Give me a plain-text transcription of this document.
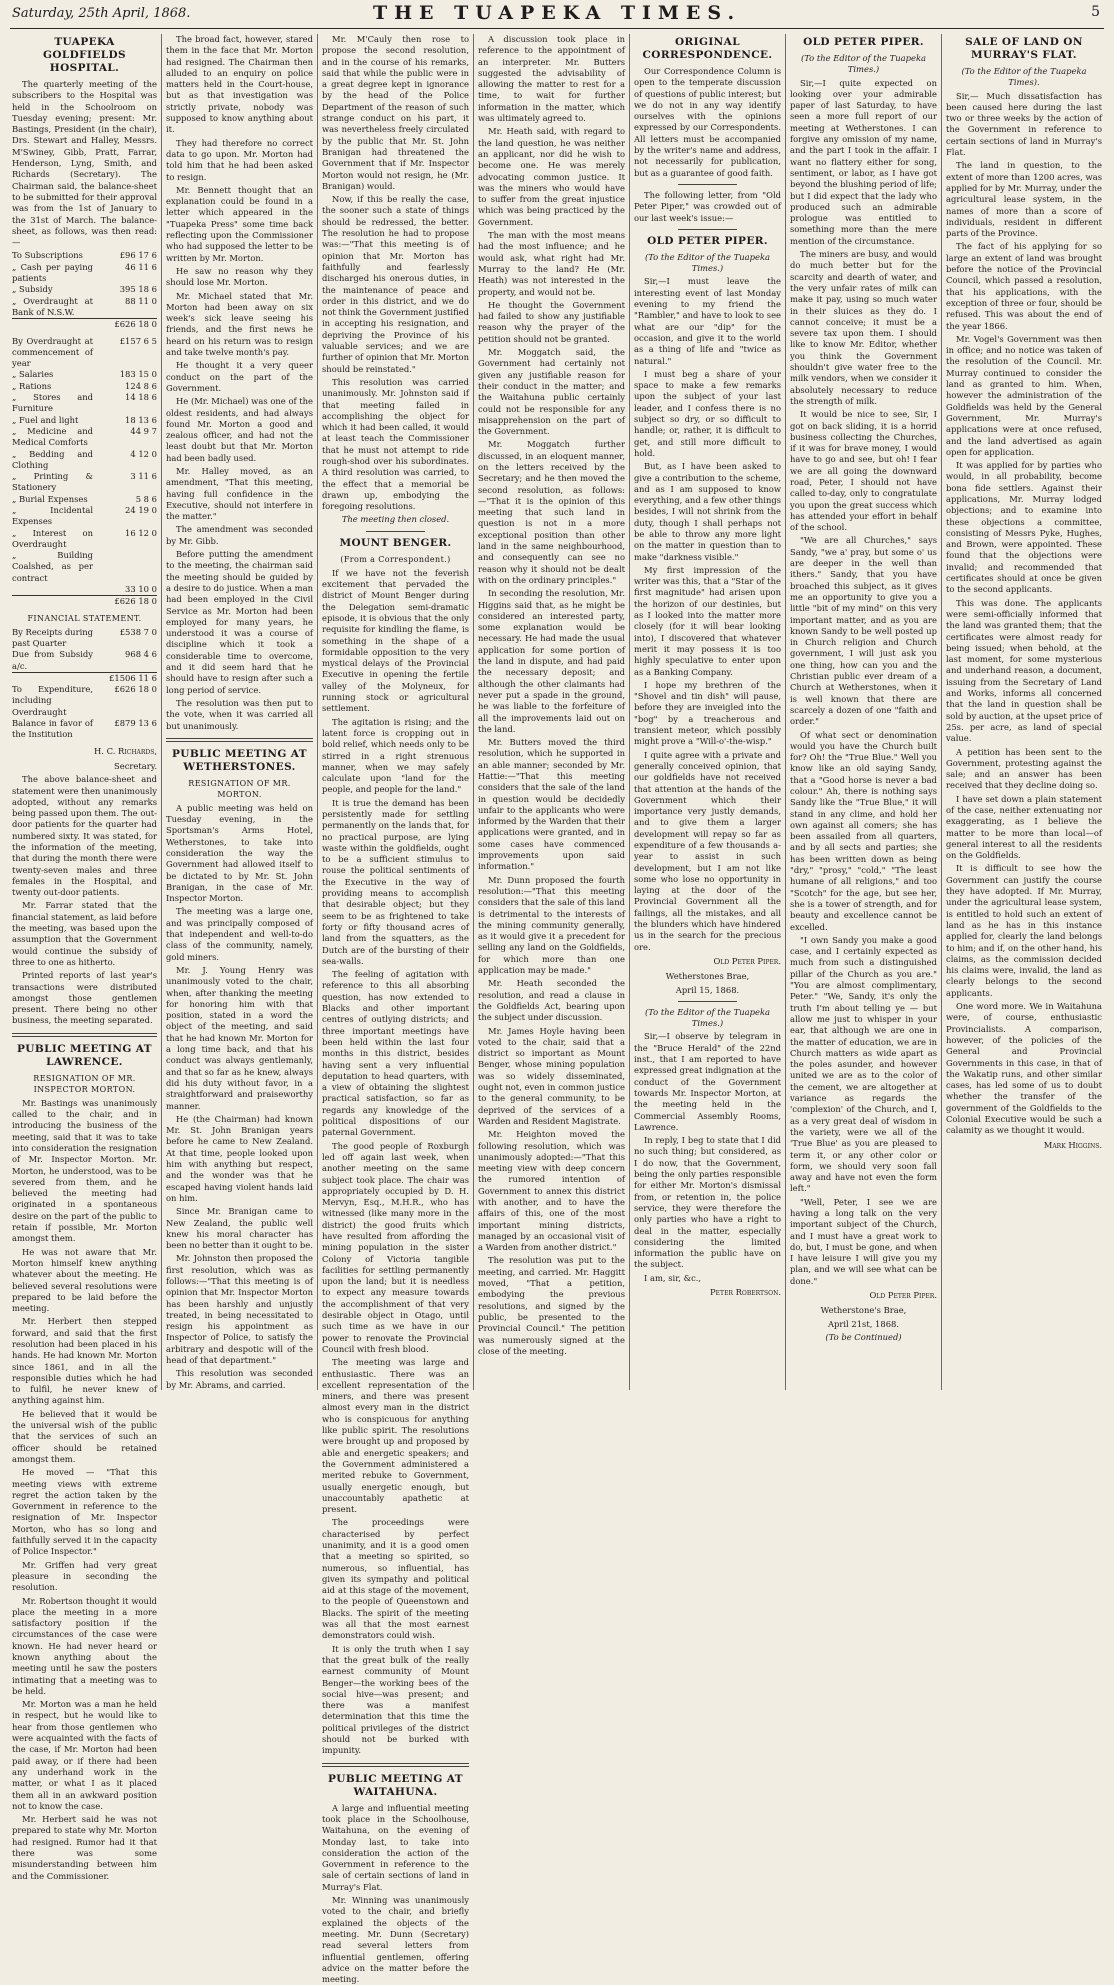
Saturday, 25th April, 1868.	THE TUAPEKA TIMES.	5
TUAPEKA GOLDFIELDS HOSPITAL.

The quarterly meeting of the subscribers to the Hospital was held in the Schoolroom on Tuesday evening; present: Mr. Bastings, President (in the chair), Drs. Stewart and Halley, Messrs. M'Swiney, Gibb, Pratt, Farrar, Henderson, Lyng, Smith, and Richards (Secretary). The Chairman said, the balance-sheet to be submitted for their approval was from the 1st of January to the 31st of March. The balance-sheet, as follows, was then read:—

To Subscriptions	£96 17 6
„ Cash per paying patients	46 11 6
„ Subsidy	395 18 6
„ Overdraught at Bank of N.S.W.	88 11 0
	£626 18 0
By Overdraught at commencement of year	£157 6 5
„ Salaries	183 15 0
„ Rations	124 8 6
„ Stores and Furniture	14 18 6
„ Fuel and light	18 13 6
„ Medicine and Medical Comforts	44 9 7
„ Bedding and Clothing	4 12 0
„ Printing & Stationery	3 11 6
„ Burial Expenses	5 8 6
„ Incidental Expenses	24 19 0
„ Interest on Overdraught	16 12 0
„ Building Coalshed, as per contract	
	33 10 0

	£626 18 0
FINANCIAL STATEMENT.
By Receipts during past Quarter	£538 7 0
Due from Subsidy a/c.	968 4 6
	£1506 11 6
To Expenditure, including Overdraught	£626 18 0
Balance in favor of the Institution	£879 13 6

H. C. Richards,

Secretary.

The above balance-sheet and statement were then unanimously adopted, without any remarks being passed upon them. The out-door patients for the quarter had numbered sixty. It was stated, for the information of the meeting, that during the month there were twenty-seven males and three females in the Hospital, and twenty out-door patients.

Mr. Farrar stated that the financial statement, as laid before the meeting, was based upon the assumption that the Government would continue the subsidy of three to one as hitherto.

Printed reports of last year's transactions were distributed amongst those gentlemen present. There being no other business, the meeting separated.

PUBLIC MEETING AT LAWRENCE.
RESIGNATION OF MR. INSPECTOR MORTON.

Mr. Bastings was unanimously called to the chair, and in introducing the business of the meeting, said that it was to take into consideration the resignation of Mr. Inspector Morton. Mr. Morton, he understood, was to be severed from them, and he believed the meeting had originated in a spontaneous desire on the part of the public to retain if possible, Mr. Morton amongst them.

He was not aware that Mr. Morton himself knew anything whatever about the meeting. He believed several resolutions were prepared to be laid before the meeting.

Mr. Herbert then stepped forward, and said that the first resolution had been placed in his hands. He had known Mr. Morton since 1861, and in all the responsible duties which he had to fulfil, he never knew of anything against him.

He believed that it would be the universal wish of the public that the services of such an officer should be retained amongst them.

He moved — "That this meeting views with extreme regret the action taken by the Government in reference to the resignation of Mr. Inspector Morton, who has so long and faithfully served it in the capacity of Police Inspector."

Mr. Griffen had very great pleasure in seconding the resolution.

Mr. Robertson thought it would place the meeting in a more satisfactory position if the circumstances of the case were known. He had never heard or known anything about the meeting until he saw the posters intimating that a meeting was to be held.

Mr. Morton was a man he held in respect, but he would like to hear from those gentlemen who were acquainted with the facts of the case, if Mr. Morton had been paid away, or if there had been any underhand work in the matter, or what I as it placed them all in an awkward position not to know the case.

Mr. Herbert said he was not prepared to state why Mr. Morton had resigned. Rumor had it that there was some misunderstanding between him and the Commissioner.

The broad fact, however, stared them in the face that Mr. Morton had resigned. The Chairman then alluded to an enquiry on police matters held in the Court-house, but as that investigation was strictly private, nobody was supposed to know anything about it.

They had therefore no correct data to go upon. Mr. Morton had told him that he had been asked to resign.

Mr. Bennett thought that an explanation could be found in a letter which appeared in the "Tuapeka Press" some time back reflecting upon the Commissioner who had supposed the letter to be written by Mr. Morton.

He saw no reason why they should lose Mr. Morton.

Mr. Michael stated that Mr. Morton had been away on six week's sick leave seeing his friends, and the first news he heard on his return was to resign and take twelve month's pay.

He thought it a very queer conduct on the part of the Government.

He (Mr. Michael) was one of the oldest residents, and had always found Mr. Morton a good and zealous officer, and had not the least doubt but that Mr. Morton had been badly used.

Mr. Halley moved, as an amendment, "That this meeting, having full confidence in the Executive, should not interfere in the matter."

The amendment was seconded by Mr. Gibb.

Before putting the amendment to the meeting, the chairman said the meeting should be guided by a desire to do justice. When a man had been employed in the Civil Service as Mr. Morton had been employed for many years, he understood it was a course of discipline which it took a considerable time to overcome, and it did seem hard that he should have to resign after such a long period of service.

The resolution was then put to the vote, when it was carried all but unanimously.

PUBLIC MEETING AT WETHERSTONES.
RESIGNATION OF MR. MORTON.

A public meeting was held on Tuesday evening, in the Sportsman's Arms Hotel, Wetherstones, to take into consideration the way the Government had allowed itself to be dictated to by Mr. St. John Branigan, in the case of Mr. Inspector Morton.

The meeting was a large one, and was principally composed of that independent and well-to-do class of the community, namely, gold miners.

Mr. J. Young Henry was unanimously voted to the chair, when, after thanking the meeting for honoring him with that position, stated in a word the object of the meeting, and said that he had known Mr. Morton for a long time back, and that his conduct was always gentlemanly, and that so far as he knew, always did his duty without favor, in a straightforward and praiseworthy manner.

He (the Chairman) had known Mr. St. John Branigan years before he came to New Zealand. At that time, people looked upon him with anything but respect, and the wonder was that he escaped having violent hands laid on him.

Since Mr. Branigan came to New Zealand, the public well knew his moral character has been no better than it ought to be.

Mr. Johnston then proposed the first resolution, which was as follows:—"That this meeting is of opinion that Mr. Inspector Morton has been harshly and unjustly treated, in being necessitated to resign his appointment as Inspector of Police, to satisfy the arbitrary and despotic will of the head of that department."

This resolution was seconded by Mr. Abrams, and carried.

Mr. M'Cauly then rose to propose the second resolution, and in the course of his remarks, said that while the public were in a great degree kept in ignorance by the head of the Police Department of the reason of such strange conduct on his part, it was nevertheless freely circulated by the public that Mr. St. John Branigan had threatened the Government that if Mr. Inspector Morton would not resign, he (Mr. Branigan) would.

Now, if this be really the case, the sooner such a state of things should be redressed, the better. The resolution he had to propose was:—"That this meeting is of opinion that Mr. Morton has faithfully and fearlessly discharged his onerous duties, in the maintenance of peace and order in this district, and we do not think the Government justified in accepting his resignation, and depriving the Province of his valuable services; and we are further of opinion that Mr. Morton should be reinstated."

This resolution was carried unanimously. Mr. Johnston said if that meeting failed in accomplishing the object for which it had been called, it would at least teach the Commissioner that he must not attempt to ride rough-shod over his subordinates. A third resolution was carried, to the effect that a memorial be drawn up, embodying the foregoing resolutions.

The meeting then closed.

MOUNT BENGER.
(From a Correspondent.)

If we have not the feverish excitement that pervaded the district of Mount Benger during the Delegation semi-dramatic episode, it is obvious that the only requisite for kindling the flame, is something in the shape of a formidable opposition to the very mystical delays of the Provincial Executive in opening the fertile valley of the Molyneux, for running stock or agricultural settlement.

The agitation is rising; and the latent force is cropping out in bold relief, which needs only to be stirred in a right strenuous manner, when we may safely calculate upon "land for the people, and people for the land."

It is true the demand has been persistently made for settling permanently on the lands that, for no practical purpose, are lying waste within the goldfields, ought to be a sufficient stimulus to rouse the political sentiments of the Executive in the way of providing means to accomplish that desirable object; but they seem to be as frightened to take forty or fifty thousand acres of land from the squatters, as the Dutch are of the bursting of their sea-walls.

The feeling of agitation with reference to this all absorbing question, has now extended to Blacks and other important centres of outlying districts; and three important meetings have been held within the last four months in this district, besides having sent a very influential deputation to head quarters, with a view of obtaining the slightest practical satisfaction, so far as regards any knowledge of the political dispositions of our paternal Government.

The good people of Roxburgh led off again last week, when another meeting on the same subject took place. The chair was appropriately occupied by D. H. Mervyn, Esq., M.H.R., who has witnessed (like many more in the district) the good fruits which have resulted from affording the mining population in the sister Colony of Victoria tangible facilities for settling permanently upon the land; but it is needless to expect any measure towards the accomplishment of that very desirable object in Otago, until such time as we have in our power to renovate the Provincial Council with fresh blood.

The meeting was large and enthusiastic. There was an excellent representation of the miners, and there was present almost every man in the district who is conspicuous for anything like public spirit. The resolutions were brought up and proposed by able and energetic speakers; and the Government administered a merited rebuke to Government, usually energetic enough, but unaccountably apathetic at present.

The proceedings were characterised by perfect unanimity, and it is a good omen that a meeting so spirited, so numerous, so influential, has given its sympathy and political aid at this stage of the movement, to the people of Queenstown and Blacks. The spirit of the meeting was all that the most earnest demonstrators could wish.

It is only the truth when I say that the great bulk of the really earnest community of Mount Benger—the working bees of the social hive—was present; and there was a manifest determination that this time the political privileges of the district should not be burked with impunity.

PUBLIC MEETING AT WAITAHUNA.

A large and influential meeting took place in the Schoolhouse, Waitahuna, on the evening of Monday last, to take into consideration the action of the Government in reference to the sale of certain sections of land in Murray's Flat.

Mr. Winning was unanimously voted to the chair, and briefly explained the objects of the meeting. Mr. Dunn (Secretary) read several letters from influential gentlemen, offering advice on the matter before the meeting.

A discussion took place in reference to the appointment of an interpreter. Mr. Butters suggested the advisability of allowing the matter to rest for a time, to wait for further information in the matter, which was ultimately agreed to.

Mr. Heath said, with regard to the land question, he was neither an applicant, nor did he wish to become one. He was merely advocating common justice. It was the miners who would have to suffer from the great injustice which was being practiced by the Government.

The man with the most means had the most influence; and he would ask, what right had Mr. Murray to the land? He (Mr. Heath) was not interested in the property, and would not be.

He thought the Government had failed to show any justifiable reason why the prayer of the petition should not be granted.

Mr. Moggatch said, the Government had certainly not given any justifiable reason for their conduct in the matter; and the Waitahuna public certainly could not be responsible for any misapprehension on the part of the Government.

Mr. Moggatch further discussed, in an eloquent manner, on the letters received by the Secretary; and he then moved the second resolution, as follows:—"That it is the opinion of this meeting that such land in question is not in a more exceptional position than other land in the same neighbourhood, and consequently can see no reason why it should not be dealt with on the ordinary principles."

In seconding the resolution, Mr. Higgins said that, as he might be considered an interested party, some explanation would be necessary. He had made the usual application for some portion of the land in dispute, and had paid the necessary deposit; and although the other claimants had never put a spade in the ground, he was liable to the forfeiture of all the improvements laid out on the land.

Mr. Butters moved the third resolution, which he supported in an able manner; seconded by Mr. Hattie:—"That this meeting considers that the sale of the land in question would be decidedly unfair to the applicants who were informed by the Warden that their applications were granted, and in some cases have commenced improvements upon said information."

Mr. Dunn proposed the fourth resolution:—"That this meeting considers that the sale of this land is detrimental to the interests of the mining community generally, as it would give it a precedent for selling any land on the Goldfields, for which more than one application may be made."

Mr. Heath seconded the resolution, and read a clause in the Goldfields Act, bearing upon the subject under discussion.

Mr. James Hoyle having been voted to the chair, said that a district so important as Mount Benger, whose mining population was so widely disseminated, ought not, even in common justice to the general community, to be deprived of the services of a Warden and Resident Magistrate.

Mr. Heighton moved the following resolution, which was unanimously adopted:—"That this meeting view with deep concern the rumored intention of Government to annex this district with another, and to have the affairs of this, one of the most important mining districts, managed by an occasional visit of a Warden from another district."

The resolution was put to the meeting, and carried. Mr. Haggitt moved, "That a petition, embodying the previous resolutions, and signed by the public, be presented to the Provincial Council." The petition was numerously signed at the close of the meeting.

ORIGINAL CORRESPONDENCE.

Our Correspondence Column is open to the temperate discussion of questions of public interest; but we do not in any way identify ourselves with the opinions expressed by our Correspondents. All letters must be accompanied by the writer's name and address, not necessarily for publication, but as a guarantee of good faith.

The following letter, from "Old Peter Piper," was crowded out of our last week's issue:—

OLD PETER PIPER.

(To the Editor of the Tuapeka Times.)

Sir,—I must leave the interesting event of last Monday evening to my friend the "Rambler," and have to look to see what are our "dip" for the occasion, and give it to the world as a thing of life and "twice as natural."

I must beg a share of your space to make a few remarks upon the subject of your last leader, and I confess there is no subject so dry, or so difficult to handle; or, rather, it is difficult to get, and still more difficult to hold.

But, as I have been asked to give a contribution to the scheme, and as I am supposed to know everything, and a few other things besides, I will not shrink from the duty, though I shall perhaps not be able to throw any more light on the matter in question than to make "darkness visible."

My first impression of the writer was this, that a "Star of the first magnitude" had arisen upon the horizon of our destinies, but as I looked into the matter more closely (for it will bear looking into), I discovered that whatever merit it may possess it is too highly speculative to enter upon as a Banking Company.

I hope my brethren of the "Shovel and tin dish" will pause, before they are inveigled into the "bog" by a treacherous and transient meteor, which possibly might prove a "Will-o'-the-wisp."

I quite agree with a private and generally conceived opinion, that our goldfields have not received that attention at the hands of the Government which their importance very justly demands, and to give them a larger development will repay so far as expenditure of a few thousands a-year to assist in such development, but I am not like some who lose no opportunity in laying at the door of the Provincial Government all the failings, all the mistakes, and all the blunders which have hindered us in the search for the precious ore.

Old Peter Piper.

Wetherstones Brae,

April 15, 1868.

(To the Editor of the Tuapeka Times.)

Sir,—I observe by telegram in the "Bruce Herald" of the 22nd inst., that I am reported to have expressed great indignation at the conduct of the Government towards Mr. Inspector Morton, at the meeting held in the Commercial Assembly Rooms, Lawrence.

In reply, I beg to state that I did no such thing; but considered, as I do now, that the Government, being the only parties responsible for either Mr. Morton's dismissal from, or retention in, the police service, they were therefore the only parties who have a right to deal in the matter, especially considering the limited information the public have on the subject.

I am, sir, &c.,

Peter Robertson.

OLD PETER PIPER.

(To the Editor of the Tuapeka Times.)

Sir,—I quite expected on looking over your admirable paper of last Saturday, to have seen a more full report of our meeting at Wetherstones. I can forgive any omission of my name, and the part I took in the affair. I want no flattery either for song, sentiment, or labor, as I have got beyond the blushing period of life; but I did expect that the lady who produced such an admirable prologue was entitled to something more than the mere mention of the circumstance.

The miners are busy, and would do much better but for the scarcity and dearth of water, and the very unfair rates of milk can make it pay, using so much water in their sluices as they do. I cannot conceive; it must be a severe tax upon them. I should like to know Mr. Editor, whether you think the Government shouldn't give water free to the milk vendors, when we consider it absolutely necessary to reduce the strength of milk.

It would be nice to see, Sir, I got on back sliding, it is a horrid business collecting the Churches, if it was for brave money, I would have to go and see, but oh! I fear we are all going the downward road, Peter, I should not have called to-day, only to congratulate you upon the great success which has attended your effort in behalf of the school.

"We are all Churches," says Sandy, "we a' pray, but some o' us are deeper in the well than ithers." Sandy, that you have broached this subject, as it gives me an opportunity to give you a little "bit of my mind" on this very important matter, and as you are known Sandy to be well posted up in Church religion and Church government, I will just ask you one thing, how can you and the Christian public ever dream of a Church at Wetherstones, when it is well known that there are scarcely a dozen of one "faith and order."

Of what sect or denomination would you have the Church built for? Oh! the "True Blue." Well you know like an old saying Sandy, that a "Good horse is never a bad colour." Ah, there is nothing says Sandy like the "True Blue," it will stand in any clime, and hold her own against all comers; she has been assailed from all quarters, and by all sects and parties; she has been written down as being "dry," "prosy," "cold," "The least humane of all religions," and too "Scotch" for the age, but see her, she is a tower of strength, and for beauty and excellence cannot be excelled.

"I own Sandy you make a good case, and I certainly expected as much from such a distinguished pillar of the Church as you are." "You are almost complimentary, Peter." "We, Sandy, it's only the truth I'm about telling ye — but allow me just to whisper in your ear, that although we are one in the matter of education, we are in Church matters as wide apart as the poles asunder, and however united we are as to the color of the cement, we are altogether at variance as regards the 'complexion' of the Church, and I, as a very great deal of wisdom in the variety, were we all of the 'True Blue' as you are pleased to term it, or any other color or form, we should very soon fall away and have not even the form left."

"Well, Peter, I see we are having a long talk on the very important subject of the Church, and I must have a great work to do, but, I must be gone, and when I have leisure I will give you my plan, and we will see what can be done."

Old Peter Piper.

Wetherstone's Brae,

April 21st, 1868.

(To be Continued)

SALE OF LAND ON MURRAY'S FLAT.

(To the Editor of the Tuapeka Times).

Sir,— Much dissatisfaction has been caused here during the last two or three weeks by the action of the Government in reference to certain sections of land in Murray's Flat.

The land in question, to the extent of more than 1200 acres, was applied for by Mr. Murray, under the agricultural lease system, in the names of more than a score of individuals, resident in different parts of the Province.

The fact of his applying for so large an extent of land was brought before the notice of the Provincial Council, which passed a resolution, that his applications, with the exception of three or four, should be refused. This was about the end of the year 1866.

Mr. Vogel's Government was then in office; and no notice was taken of the resolution of the Council. Mr. Murray continued to consider the land as granted to him. When, however the administration of the Goldfields was held by the General Government, Mr. Murray's applications were at once refused, and the land advertised as again open for application.

It was applied for by parties who would, in all probability, become bona fide settlers. Against their applications, Mr. Murray lodged objections; and to examine into these objections a committee, consisting of Messrs Pyke, Hughes, and Brown, were appointed. These found that the objections were invalid; and recommended that certificates should at once be given to the second applicants.

This was done. The applicants were semi-officially informed that the land was granted them; that the certificates were almost ready for being issued; when behold, at the last moment, for some mysterious and underhand reason, a document, issuing from the Secretary of Land and Works, informs all concerned that the land in question shall be sold by auction, at the upset price of 25s. per acre, as land of special value.

A petition has been sent to the Government, protesting against the sale; and an answer has been received that they decline doing so.

I have set down a plain statement of the case, neither extenuating nor exaggerating, as I believe the matter to be more than local—of general interest to all the residents on the Goldfields.

It is difficult to see how the Government can justify the course they have adopted. If Mr. Murray, under the agricultural lease system, is entitled to hold such an extent of land as he has in this instance applied for, clearly the land belongs to him; and if, on the other hand, his claims, as the commission decided his claims were, invalid, the land as clearly belongs to the second applicants.

One word more. We in Waitahuna were, of course, enthusiastic Provincialists. A comparison, however, of the policies of the General and Provincial Governments in this case, in that of the Wakatip runs, and other similar cases, has led some of us to doubt whether the transfer of the government of the Goldfields to the Colonial Executive would be such a calamity as we thought it would.

Mark Higgins.
